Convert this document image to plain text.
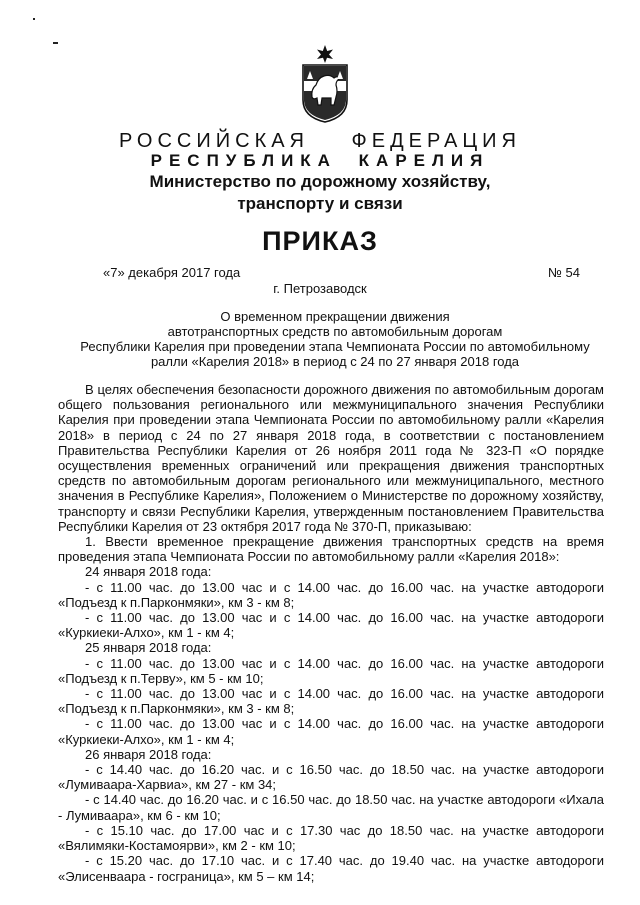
РОССИЙСКАЯ ФЕДЕРАЦИЯ
РЕСПУБЛИКА КАРЕЛИЯ
Министерство по дорожному хозяйству,
транспорту и связи
ПРИКАЗ
«7» декабря 2017 года	№ 54
г. Петрозаводск
О временном прекращении движения
автотранспортных средств по автомобильным дорогам
Республики Карелия при проведении этапа Чемпионата России по автомобильному
ралли «Карелия 2018» в период с 24 по 27 января 2018 года
В целях обеспечения безопасности дорожного движения по автомобильным дорогам
общего пользования регионального или межмуниципального значения Республики
Карелия при проведении этапа Чемпионата России по автомобильному ралли «Карелия
2018» в период с 24 по 27 января 2018 года, в соответствии с постановлением
Правительства Республики Карелия от 26 ноября 2011 года № 323-П «О порядке
осуществления временных ограничений или прекращения движения транспортных
средств по автомобильным дорогам регионального или межмуниципального, местного
значения в Республике Карелия», Положением о Министерстве по дорожному хозяйству,
транспорту и связи Республики Карелия, утвержденным постановлением Правительства
Республики Карелия от 23 октября 2017 года № 370-П, приказываю:
1. Ввести временное прекращение движения транспортных средств на время
проведения этапа Чемпионата России по автомобильному ралли «Карелия 2018»:
24 января 2018 года:
- с 11.00 час. до 13.00 час и с 14.00 час. до 16.00 час. на участке автодороги
«Подъезд к п.Парконмяки», км 3 - км 8;
- с 11.00 час. до 13.00 час и с 14.00 час. до 16.00 час. на участке автодороги
«Куркиеки-Алхо», км 1 - км 4;
25 января 2018 года:
- с 11.00 час. до 13.00 час и с 14.00 час. до 16.00 час. на участке автодороги
«Подъезд к п.Терву», км 5 - км 10;
- с 11.00 час. до 13.00 час и с 14.00 час. до 16.00 час. на участке автодороги
«Подъезд к п.Парконмяки», км 3 - км 8;
- с 11.00 час. до 13.00 час и с 14.00 час. до 16.00 час. на участке автодороги
«Куркиеки-Алхо», км 1 - км 4;
26 января 2018 года:
- с 14.40 час. до 16.20 час. и с 16.50 час. до 18.50 час. на участке автодороги
«Лумиваара-Харвиа», км 27 - км 34;
- с 14.40 час. до 16.20 час. и с 16.50 час. до 18.50 час. на участке автодороги «Ихала
- Лумиваара», км 6 - км 10;
- с 15.10 час. до 17.00 час и с 17.30 час до 18.50 час. на участке автодороги
«Вялимяки-Костамоярви», км 2 - км 10;
- с 15.20 час. до 17.10 час. и с 17.40 час. до 19.40 час. на участке автодороги
«Элисенваара - госграница», км 5 – км 14;
